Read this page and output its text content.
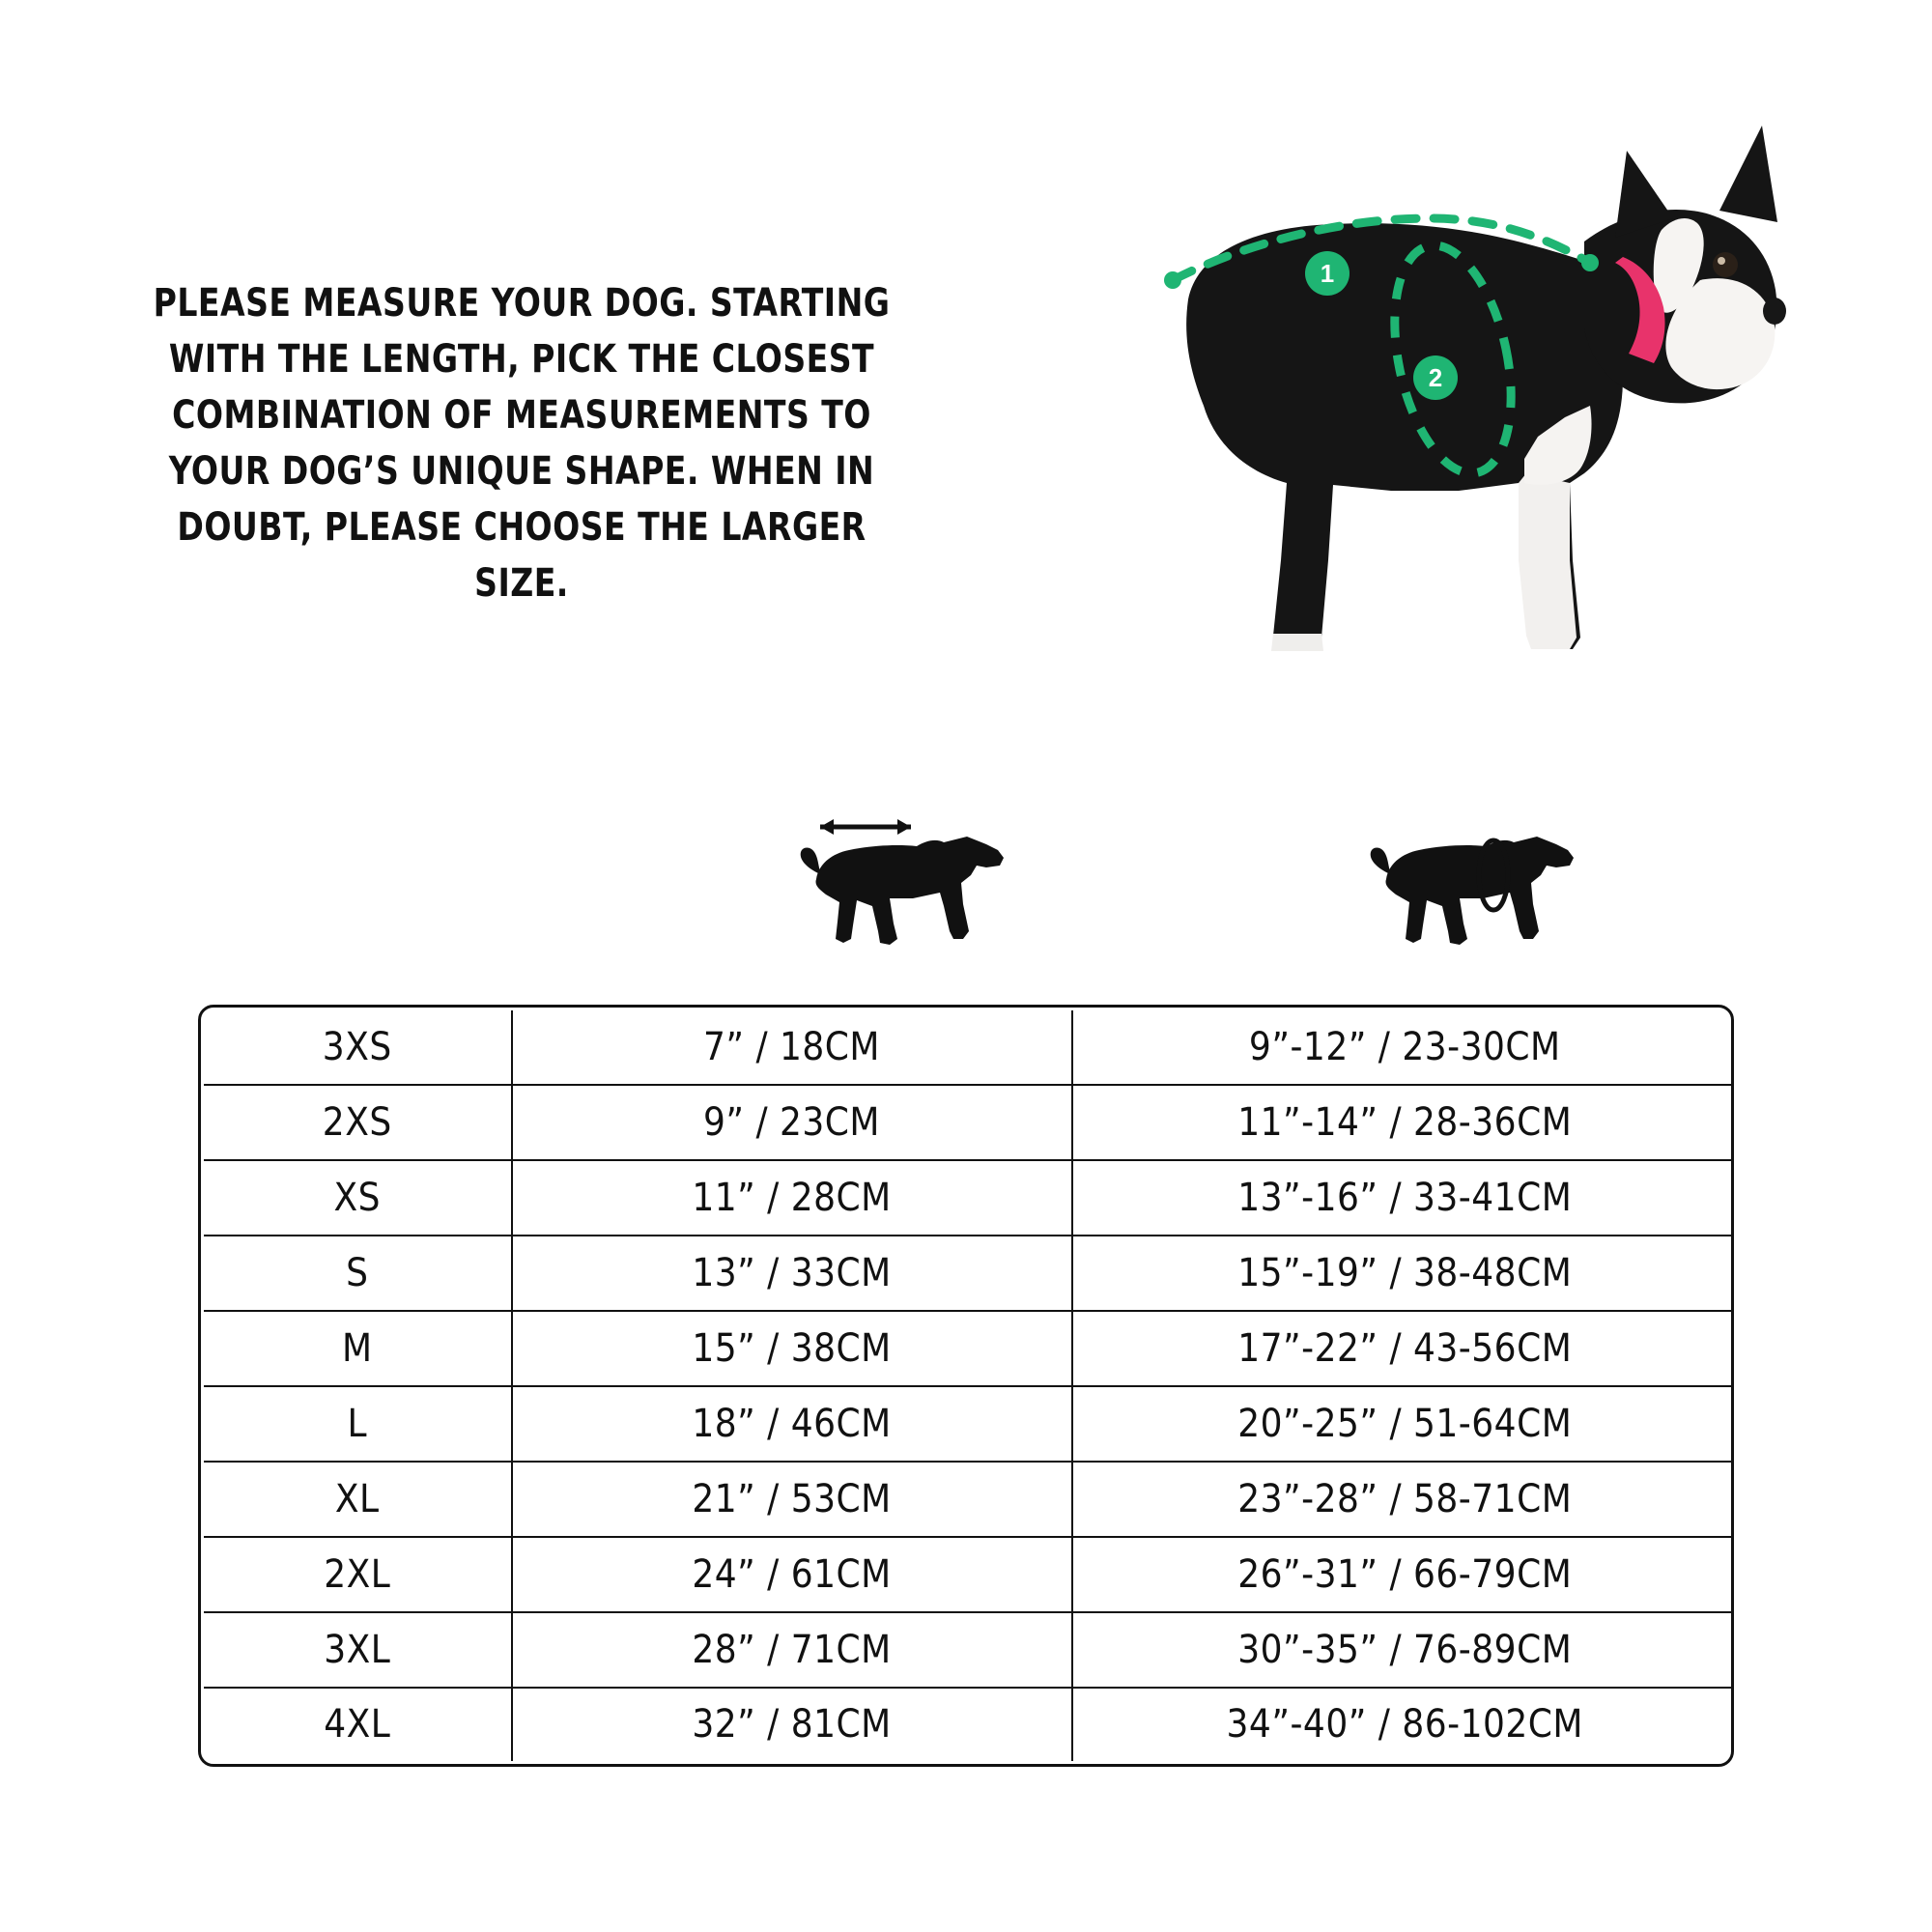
PLEASE MEASURE YOUR DOG. STARTING WITH THE LENGTH, PICK THE CLOSEST COMBINATION OF MEASUREMENTS TO YOUR DOG’S UNIQUE SHAPE. WHEN IN DOUBT, PLEASE CHOOSE THE LARGER SIZE.
1
2
3XS	7” / 18CM	9”-12” / 23-30CM
2XS	9” / 23CM	11”-14” / 28-36CM
XS	11” / 28CM	13”-16” / 33-41CM
S	13” / 33CM	15”-19” / 38-48CM
M	15” / 38CM	17”-22” / 43-56CM
L	18” / 46CM	20”-25” / 51-64CM
XL	21” / 53CM	23”-28” / 58-71CM
2XL	24” / 61CM	26”-31” / 66-79CM
3XL	28” / 71CM	30”-35” / 76-89CM
4XL	32” / 81CM	34”-40” / 86-102CM
